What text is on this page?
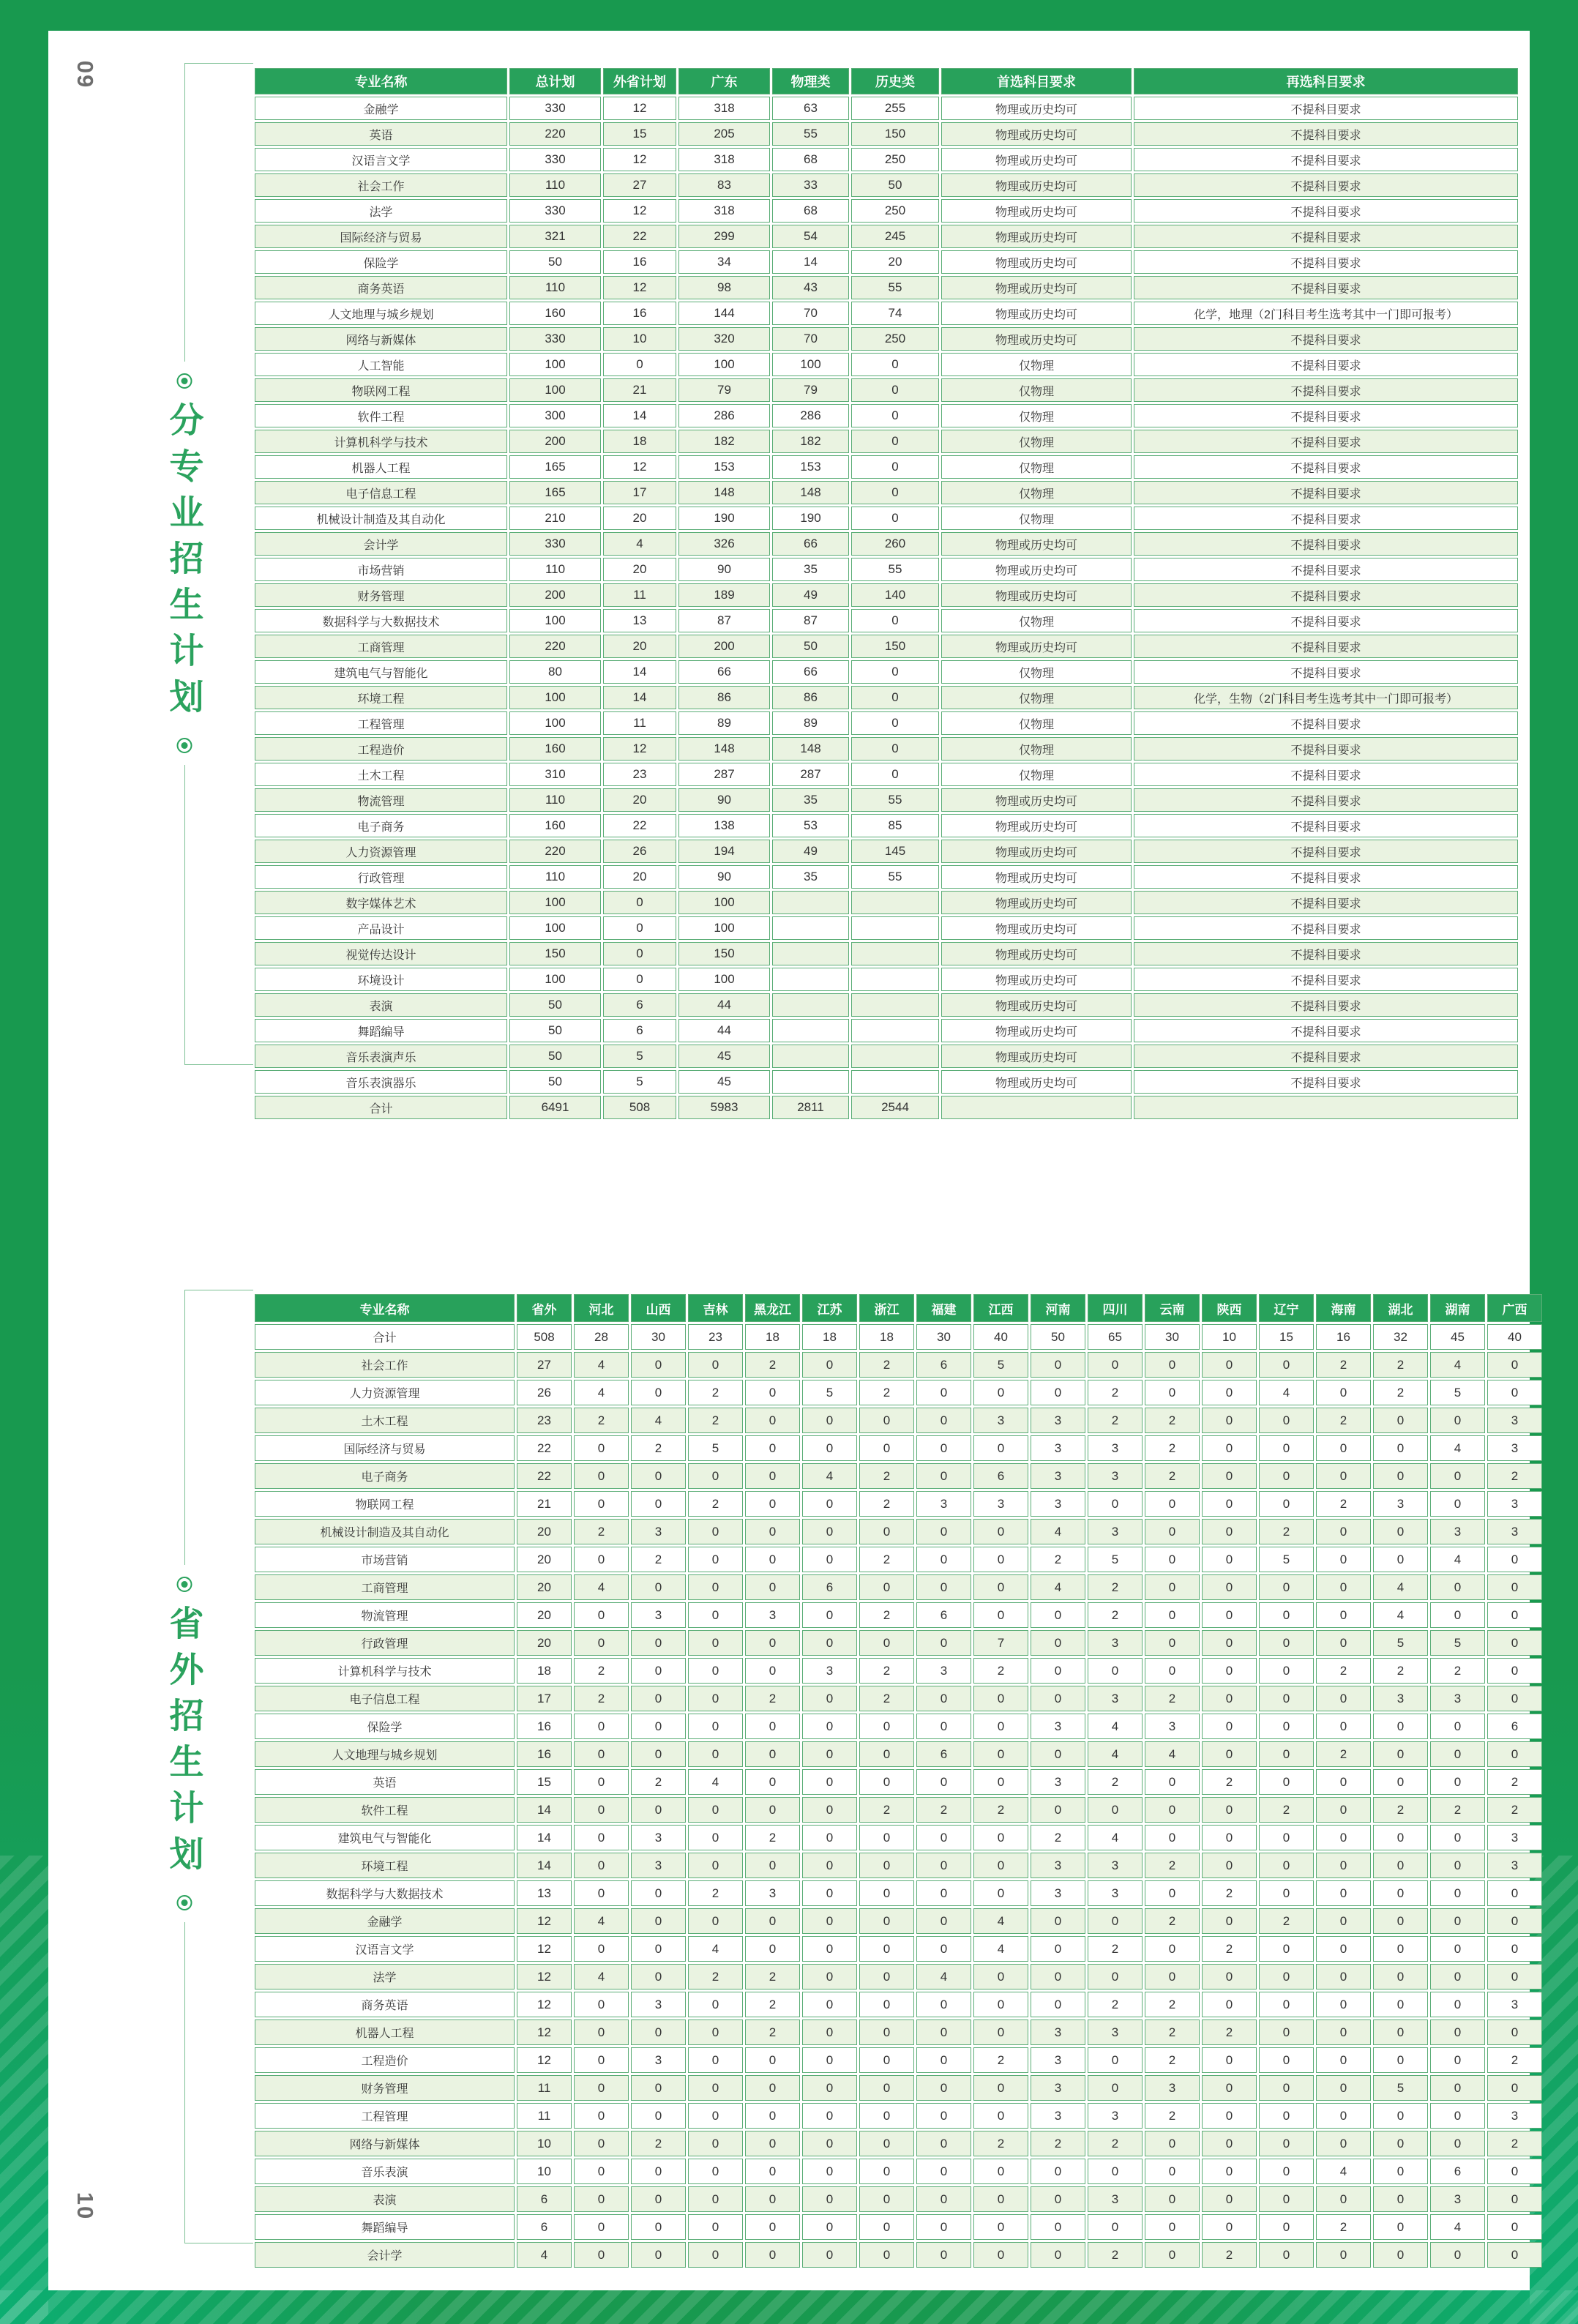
09
10
分专业招生计划
专业名称	总计划	外省计划	广东	物理类	历史类	首选科目要求	再选科目要求
金融学	330	12	318	63	255	物理或历史均可	不提科目要求
英语	220	15	205	55	150	物理或历史均可	不提科目要求
汉语言文学	330	12	318	68	250	物理或历史均可	不提科目要求
社会工作	110	27	83	33	50	物理或历史均可	不提科目要求
法学	330	12	318	68	250	物理或历史均可	不提科目要求
国际经济与贸易	321	22	299	54	245	物理或历史均可	不提科目要求
保险学	50	16	34	14	20	物理或历史均可	不提科目要求
商务英语	110	12	98	43	55	物理或历史均可	不提科目要求
人文地理与城乡规划	160	16	144	70	74	物理或历史均可	化学，地理（2门科目考生选考其中一门即可报考）
网络与新媒体	330	10	320	70	250	物理或历史均可	不提科目要求
人工智能	100	0	100	100	0	仅物理	不提科目要求
物联网工程	100	21	79	79	0	仅物理	不提科目要求
软件工程	300	14	286	286	0	仅物理	不提科目要求
计算机科学与技术	200	18	182	182	0	仅物理	不提科目要求
机器人工程	165	12	153	153	0	仅物理	不提科目要求
电子信息工程	165	17	148	148	0	仅物理	不提科目要求
机械设计制造及其自动化	210	20	190	190	0	仅物理	不提科目要求
会计学	330	4	326	66	260	物理或历史均可	不提科目要求
市场营销	110	20	90	35	55	物理或历史均可	不提科目要求
财务管理	200	11	189	49	140	物理或历史均可	不提科目要求
数据科学与大数据技术	100	13	87	87	0	仅物理	不提科目要求
工商管理	220	20	200	50	150	物理或历史均可	不提科目要求
建筑电气与智能化	80	14	66	66	0	仅物理	不提科目要求
环境工程	100	14	86	86	0	仅物理	化学，生物（2门科目考生选考其中一门即可报考）
工程管理	100	11	89	89	0	仅物理	不提科目要求
工程造价	160	12	148	148	0	仅物理	不提科目要求
土木工程	310	23	287	287	0	仅物理	不提科目要求
物流管理	110	20	90	35	55	物理或历史均可	不提科目要求
电子商务	160	22	138	53	85	物理或历史均可	不提科目要求
人力资源管理	220	26	194	49	145	物理或历史均可	不提科目要求
行政管理	110	20	90	35	55	物理或历史均可	不提科目要求
数字媒体艺术	100	0	100			物理或历史均可	不提科目要求
产品设计	100	0	100			物理或历史均可	不提科目要求
视觉传达设计	150	0	150			物理或历史均可	不提科目要求
环境设计	100	0	100			物理或历史均可	不提科目要求
表演	50	6	44			物理或历史均可	不提科目要求
舞蹈编导	50	6	44			物理或历史均可	不提科目要求
音乐表演声乐	50	5	45			物理或历史均可	不提科目要求
音乐表演器乐	50	5	45			物理或历史均可	不提科目要求
合计	6491	508	5983	2811	2544		
省外招生计划
专业名称	省外	河北	山西	吉林	黑龙江	江苏	浙江	福建	江西	河南	四川	云南	陕西	辽宁	海南	湖北	湖南	广西
合计	508	28	30	23	18	18	18	30	40	50	65	30	10	15	16	32	45	40
社会工作	27	4	0	0	2	0	2	6	5	0	0	0	0	0	2	2	4	0
人力资源管理	26	4	0	2	0	5	2	0	0	0	2	0	0	4	0	2	5	0
土木工程	23	2	4	2	0	0	0	0	3	3	2	2	0	0	2	0	0	3
国际经济与贸易	22	0	2	5	0	0	0	0	0	3	3	2	0	0	0	0	4	3
电子商务	22	0	0	0	0	4	2	0	6	3	3	2	0	0	0	0	0	2
物联网工程	21	0	0	2	0	0	2	3	3	3	0	0	0	0	2	3	0	3
机械设计制造及其自动化	20	2	3	0	0	0	0	0	0	4	3	0	0	2	0	0	3	3
市场营销	20	0	2	0	0	0	2	0	0	2	5	0	0	5	0	0	4	0
工商管理	20	4	0	0	0	6	0	0	0	4	2	0	0	0	0	4	0	0
物流管理	20	0	3	0	3	0	2	6	0	0	2	0	0	0	0	4	0	0
行政管理	20	0	0	0	0	0	0	0	7	0	3	0	0	0	0	5	5	0
计算机科学与技术	18	2	0	0	0	3	2	3	2	0	0	0	0	0	2	2	2	0
电子信息工程	17	2	0	0	2	0	2	0	0	0	3	2	0	0	0	3	3	0
保险学	16	0	0	0	0	0	0	0	0	3	4	3	0	0	0	0	0	6
人文地理与城乡规划	16	0	0	0	0	0	0	6	0	0	4	4	0	0	2	0	0	0
英语	15	0	2	4	0	0	0	0	0	3	2	0	2	0	0	0	0	2
软件工程	14	0	0	0	0	0	2	2	2	0	0	0	0	2	0	2	2	2
建筑电气与智能化	14	0	3	0	2	0	0	0	0	2	4	0	0	0	0	0	0	3
环境工程	14	0	3	0	0	0	0	0	0	3	3	2	0	0	0	0	0	3
数据科学与大数据技术	13	0	0	2	3	0	0	0	0	3	3	0	2	0	0	0	0	0
金融学	12	4	0	0	0	0	0	0	4	0	0	2	0	2	0	0	0	0
汉语言文学	12	0	0	4	0	0	0	0	4	0	2	0	2	0	0	0	0	0
法学	12	4	0	2	2	0	0	4	0	0	0	0	0	0	0	0	0	0
商务英语	12	0	3	0	2	0	0	0	0	0	2	2	0	0	0	0	0	3
机器人工程	12	0	0	0	2	0	0	0	0	3	3	2	2	0	0	0	0	0
工程造价	12	0	3	0	0	0	0	0	2	3	0	2	0	0	0	0	0	2
财务管理	11	0	0	0	0	0	0	0	0	3	0	3	0	0	0	5	0	0
工程管理	11	0	0	0	0	0	0	0	0	3	3	2	0	0	0	0	0	3
网络与新媒体	10	0	2	0	0	0	0	0	2	2	2	0	0	0	0	0	0	2
音乐表演	10	0	0	0	0	0	0	0	0	0	0	0	0	0	4	0	6	0
表演	6	0	0	0	0	0	0	0	0	0	3	0	0	0	0	0	3	0
舞蹈编导	6	0	0	0	0	0	0	0	0	0	0	0	0	0	2	0	4	0
会计学	4	0	0	0	0	0	0	0	0	0	2	0	2	0	0	0	0	0
